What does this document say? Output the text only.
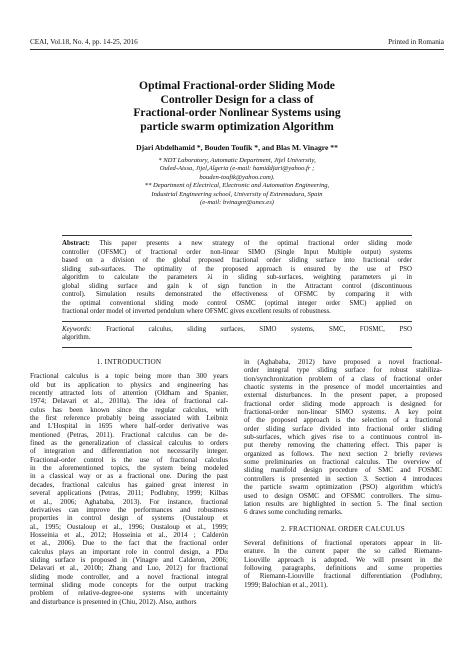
CEAI, Vol.18, No. 4, pp. 14-25, 2016	Printed in Romania
Optimal Fractional-order Sliding Mode
Controller Design for a class of
Fractional-order Nonlinear Systems using
particle swarm optimization Algorithm
Djari Abdelhamid *, Bouden Toufik *, and Blas M. Vinagre **
* NDT Laboratory, Automatic Department, Jijel University,
Ouled-Aissa, Jijel,Algeria (e-mail: hamiddjari@yahoo.fr ;
bouden-toufik@yahoo.com).
** Department of Electrical, Electronic and Automation Engineering,
Industrial Engineering school, University of Extremadura, Spain
(e-mail: bvinagre@unex.es)

Abstract: This paper presents a new strategy of the optimal fractional order sliding mode
controller (OFSMC) of fractional order non-linear SIMO (Single Input Multiple output) systems
based on a division of the global proposed fractional order sliding surface into fractional order
sliding sub-surfaces. The optimality of the proposed approach is ensured by the use of PSO
algorithm to calculate the parameters λi in sliding sub-surfaces, weighting parameters μi in
global sliding surface and gain k of sign function in the Attractant control (discontinuous
control). Simulation results demonstrated the effectiveness of OFSMC by comparing it with
the optimal conventional sliding mode control OSMC (optimal integer order SMC) applied on
fractional order model of inverted pendulum where OFSMC gives excellent results of robustness.

Keywords: Fractional calculus, sliding surfaces, SIMO systems, SMC, FOSMC, PSO
algorithm.
1. INTRODUCTION
Fractional calculus is a topic being more than 300 years
old but its application to physics and engineering has
recently attracted lots of attention (Oldham and Spanier,
1974; Delavari et al., 2010a). The idea of fractional cal-
culus has been known since the regular calculus, with
the first reference probably being associated with Leibniz
and L'Hospital in 1695 where half-order derivative was
mentioned (Petras, 2011). Fractional calculus can be de-
fined as the generalization of classical calculus to orders
of integration and differentiation not necessarily integer.
Fractional-order control is the use of fractional calculus
in the aforementioned topics, the system being modeled
in a classical way or as a fractional one. During the past
decades, fractional calculus has gained great interest in
several applications (Petras, 2011; Podlubny, 1999; Kilbas
et al., 2006; Aghababa, 2013). For instance, fractional
derivatives can improve the performances and robustness
properties in control design of systems (Oustaloup et
al., 1995; Oustaloup et al., 1996; Oustaloup et al., 1999;
Hosseinia et al., 2012; Hosseinia et al., 2014 ; Calderón
et al., 2006). Due to the fact that the fractional order
calculus plays an important role in control design, a PDα
sliding surface is proposed in (Vinagre and Calderon, 2006;
Delavari et al., 2010b; Zhang and Luo, 2012) for fractional
sliding mode controller, and a novel fractional integral
terminal sliding mode concepts for the output tracking
problem of relative-degree-one systems with uncertainty
and disturbance is presented in (Chiu, 2012). Also, authors
in (Aghababa, 2012) have proposed a novel fractional-
order integral type sliding surface for robust stabiliza-
tion/synchronization problem of a class of fractional order
chaotic systems in the presence of model uncertainties and
external disturbances. In the present paper, a proposed
fractional order sliding mode approach is designed for
fractional-order non-linear SIMO systems. A key point
of the proposed approach is the selection of a fractional
order sliding surface divided into fractional order sliding
sub-surfaces, which gives rise to a continuous control in-
put thereby removing the chattering effect. This paper is
organized as follows. The next section 2 briefly reviews
some preliminaries on fractional calculus. The overview of
sliding manifold design procedure of SMC and FOSMC
controllers is presented in section 3. Section 4 introduces
the particle swarm optimization (PSO) algorithm which's
used to design OSMC and OFSMC controllers. The simu-
lation results are highlighted in section 5. The final section
6 draws some concluding remarks.
2. FRACTIONAL ORDER CALCULUS
Several definitions of fractional operators appear in lit-
erature. In the current paper the so called Riemann-
Liouville approach is adopted. We will present in the
following paragraphs, definitions and some properties
of Riemann-Liouville fractional differentiation (Podlubny,
1999; Balochian et al., 2011).
